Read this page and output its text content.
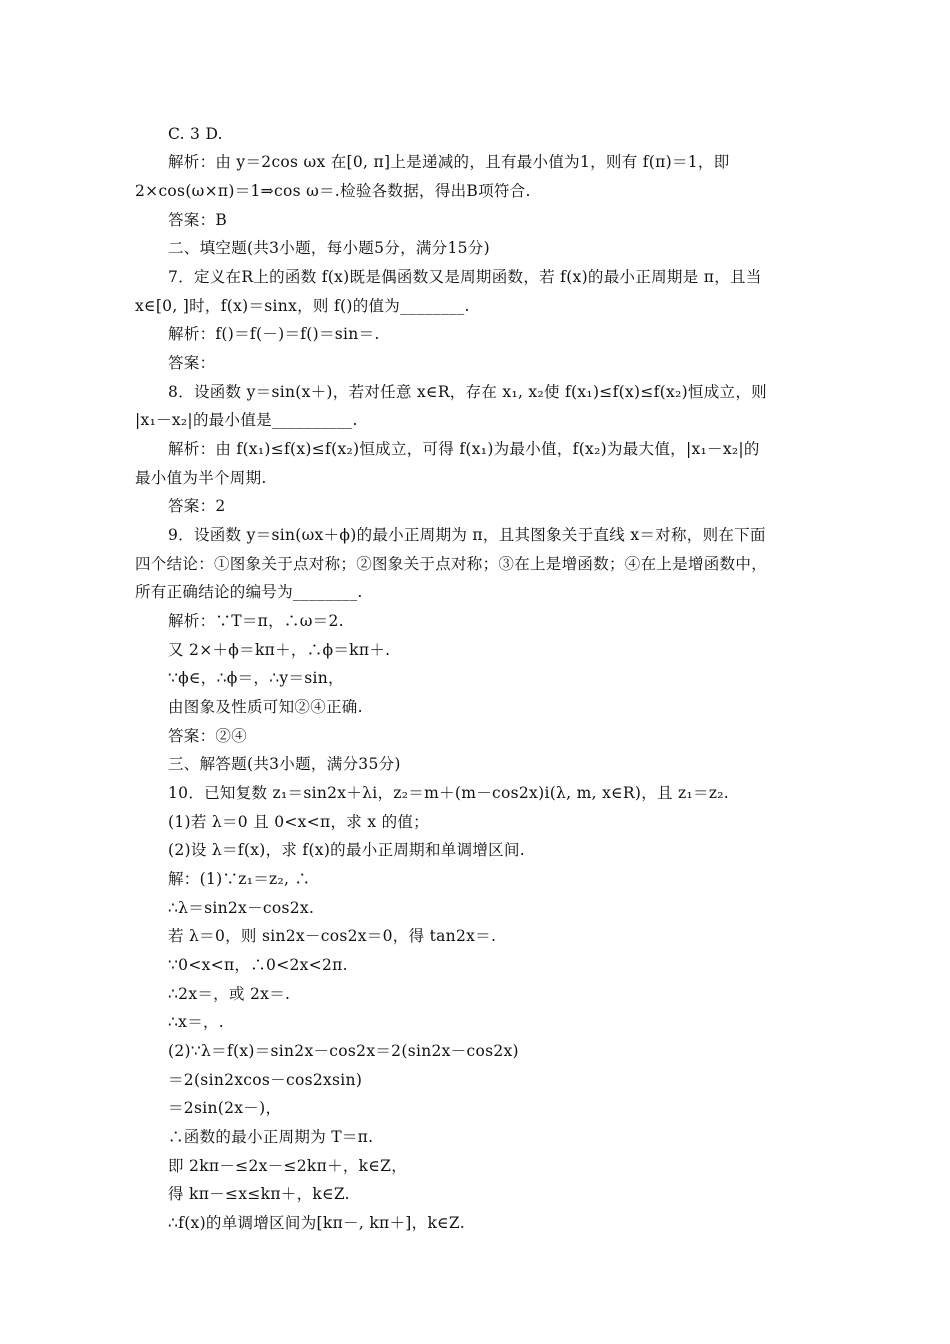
C. 3 D.
解析：由 y＝2cos ωx 在[0, π]上是递减的，且有最小值为1，则有 f(π)＝1，即
2×cos(ω×π)＝1⇒cos ω＝.检验各数据，得出B项符合.
答案：B
二、填空题(共3小题，每小题5分，满分15分)
7．定义在R上的函数 f(x)既是偶函数又是周期函数，若 f(x)的最小正周期是 π，且当
x∈[0, ]时，f(x)＝sinx，则 f()的值为________.
解析：f()＝f(－)＝f()＝sin＝.
答案：
8．设函数 y＝sin(x＋)，若对任意 x∈R，存在 x₁, x₂使 f(x₁)≤f(x)≤f(x₂)恒成立，则
|x₁－x₂|的最小值是__________.
解析：由 f(x₁)≤f(x)≤f(x₂)恒成立，可得 f(x₁)为最小值，f(x₂)为最大值，|x₁－x₂|的
最小值为半个周期.
答案：2
9．设函数 y＝sin(ωx＋ϕ)的最小正周期为 π，且其图象关于直线 x＝对称，则在下面
四个结论：①图象关于点对称；②图象关于点对称；③在上是增函数；④在上是增函数中，
所有正确结论的编号为________.
解析：∵T＝π，∴ω＝2.
又 2×＋ϕ＝kπ＋，∴ϕ＝kπ＋.
∵ϕ∈，∴ϕ＝，∴y＝sin，
由图象及性质可知②④正确.
答案：②④
三、解答题(共3小题，满分35分)
10．已知复数 z₁＝sin2x＋λi，z₂＝m＋(m－cos2x)i(λ, m, x∈R)，且 z₁＝z₂.
(1)若 λ＝0 且 0<x<π，求 x 的值；
(2)设 λ＝f(x)，求 f(x)的最小正周期和单调增区间.
解：(1)∵z₁＝z₂, ∴
∴λ＝sin2x－cos2x.
若 λ＝0，则 sin2x－cos2x＝0，得 tan2x＝.
∵0<x<π，∴0<2x<2π.
∴2x＝，或 2x＝.
∴x＝，.
(2)∵λ＝f(x)＝sin2x－cos2x＝2(sin2x－cos2x)
＝2(sin2xcos－cos2xsin)
＝2sin(2x－)，
∴函数的最小正周期为 T＝π.
即 2kπ－≤2x－≤2kπ＋，k∈Z，
得 kπ－≤x≤kπ＋，k∈Z.
∴f(x)的单调增区间为[kπ－, kπ＋]，k∈Z.
